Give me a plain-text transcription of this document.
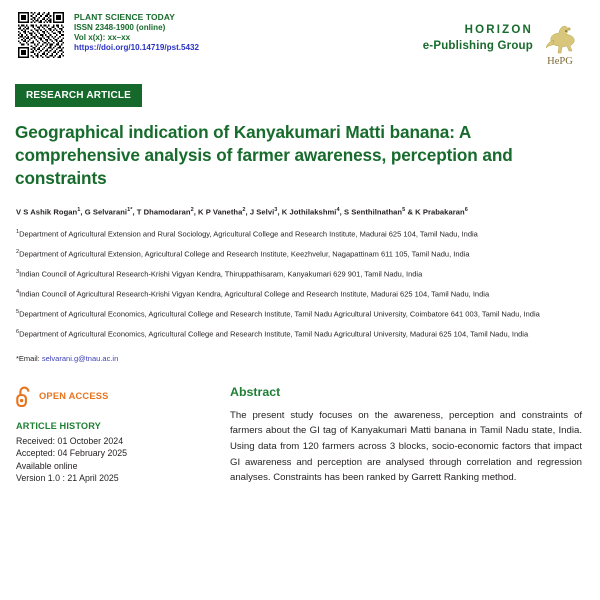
PLANT SCIENCE TODAY
ISSN 2348-1900 (online)
Vol x(x): xx–xx
https://doi.org/10.14719/pst.5432
HORIZON
e-Publishing Group
HePG
RESEARCH ARTICLE
Geographical indication of Kanyakumari Matti banana: A comprehensive analysis of farmer awareness, perception and constraints
V S Ashik Rogan$^1$, G Selvarani$^{1*}$, T Dhamodaran$^2$, K P Vanetha$^2$, J Selvi$^3$, K Jothilakshmi$^4$, S Senthilnathan$^5$ & K Prabakaran$^6$
$^1$Department of Agricultural Extension and Rural Sociology, Agricultural College and Research Institute, Madurai 625 104, Tamil Nadu, India
$^2$Department of Agricultural Extension, Agricultural College and Research Institute, Keezhvelur, Nagapattinam 611 105, Tamil Nadu, India
$^3$Indian Council of Agricultural Research-Krishi Vigyan Kendra, Thiruppathisaram, Kanyakumari 629 901, Tamil Nadu, India
$^4$Indian Council of Agricultural Research-Krishi Vigyan Kendra, Agricultural College and Research Institute, Madurai 625 104, Tamil Nadu, India
$^5$Department of Agricultural Economics, Agricultural College and Research Institute, Tamil Nadu Agricultural University, Coimbatore 641 003, Tamil Nadu, India
$^6$Department of Agricultural Economics, Agricultural College and Research Institute, Tamil Nadu Agricultural University, Madurai 625 104, Tamil Nadu, India
*Email: selvarani.g@tnau.ac.in
OPEN ACCESS
ARTICLE HISTORY
Received: 01 October 2024
Accepted: 04 February 2025
Available online
Version 1.0 : 21 April 2025
Abstract
The present study focuses on the awareness, perception and constraints of farmers about the GI tag of Kanyakumari Matti banana in Tamil Nadu state, India. Using data from 120 farmers across 3 blocks, socio-economic factors that impact GI awareness and perception are analysed through correlation and regression analyses. Constraints has been ranked by Garrett Ranking method.
